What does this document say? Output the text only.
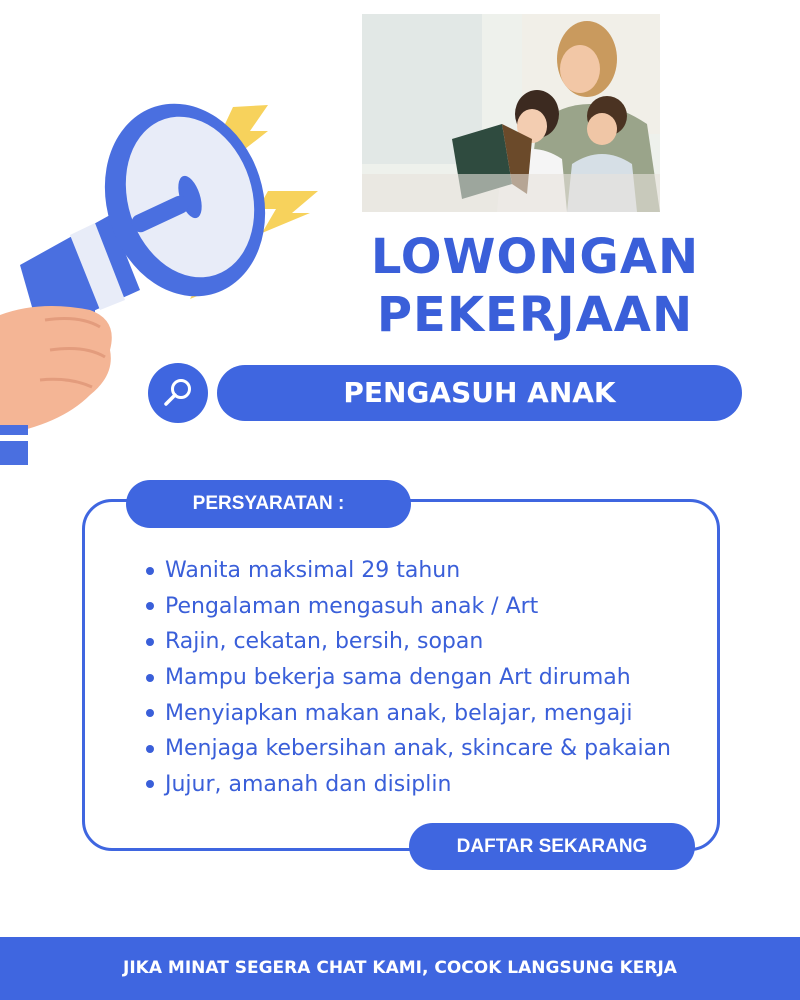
LOWONGAN
PEKERJAAN
PENGASUH ANAK
PERSYARATAN :
Wanita maksimal 29 tahun
Pengalaman mengasuh anak / Art
Rajin, cekatan, bersih, sopan
Mampu bekerja sama dengan Art dirumah
Menyiapkan makan anak, belajar, mengaji
Menjaga kebersihan anak, skincare & pakaian
Jujur, amanah dan disiplin
DAFTAR SEKARANG
JIKA MINAT SEGERA CHAT KAMI, COCOK LANGSUNG KERJA
